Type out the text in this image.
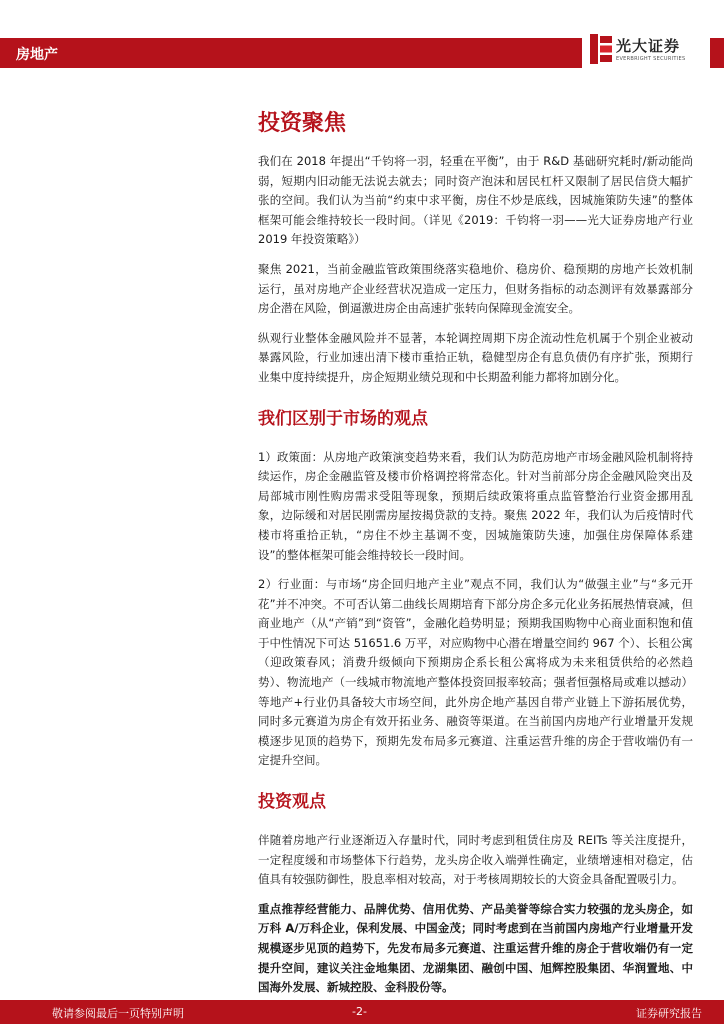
房地产	光大证券
EVERBRIGHT SECURITIES
投资聚焦

我们在 2018 年提出“千钧将一羽，轻重在平衡”，由于 R&D 基础研究耗时/新动能尚弱，短期内旧动能无法说去就去；同时资产泡沫和居民杠杆又限制了居民信贷大幅扩张的空间。我们认为当前“约束中求平衡，房住不炒是底线，因城施策防失速”的整体框架可能会维持较长一段时间。（详见《2019：千钧将一羽——光大证券房地产行业 2019 年投资策略》）

聚焦 2021，当前金融监管政策围绕落实稳地价、稳房价、稳预期的房地产长效机制运行，虽对房地产企业经营状况造成一定压力，但财务指标的动态测评有效暴露部分房企潜在风险，倒逼激进房企由高速扩张转向保障现金流安全。

纵观行业整体金融风险并不显著，本轮调控周期下房企流动性危机属于个别企业被动暴露风险，行业加速出清下楼市重拾正轨，稳健型房企有息负债仍有序扩张，预期行业集中度持续提升，房企短期业绩兑现和中长期盈利能力都将加剧分化。

我们区别于市场的观点

1）政策面：从房地产政策演变趋势来看，我们认为防范房地产市场金融风险机制将持续运作，房企金融监管及楼市价格调控将常态化。针对当前部分房企金融风险突出及局部城市刚性购房需求受阻等现象，预期后续政策将重点监管整治行业资金挪用乱象，边际缓和对居民刚需房屋按揭贷款的支持。聚焦 2022 年，我们认为后疫情时代楼市将重拾正轨，“房住不炒主基调不变，因城施策防失速，加强住房保障体系建设”的整体框架可能会维持较长一段时间。

2）行业面：与市场“房企回归地产主业”观点不同，我们认为“做强主业”与“多元开花”并不冲突。不可否认第二曲线长周期培育下部分房企多元化业务拓展热情衰减，但商业地产（从“产销”到“资管”，金融化趋势明显；预期我国购物中心商业面积饱和值于中性情况下可达 51651.6 万平，对应购物中心潜在增量空间约 967 个）、长租公寓（迎政策春风；消费升级倾向下预期房企系长租公寓将成为未来租赁供给的必然趋势）、物流地产（一线城市物流地产整体投资回报率较高；强者恒强格局或难以撼动）等地产+行业仍具备较大市场空间，此外房企地产基因自带产业链上下游拓展优势，同时多元赛道为房企有效开拓业务、融资等渠道。在当前国内房地产行业增量开发规模逐步见顶的趋势下，预期先发布局多元赛道、注重运营升维的房企于营收端仍有一定提升空间。

投资观点

伴随着房地产行业逐渐迈入存量时代，同时考虑到租赁住房及 REITs 等关注度提升，一定程度缓和市场整体下行趋势，龙头房企收入端弹性确定，业绩增速相对稳定，估值具有较强防御性，股息率相对较高，对于考核周期较长的大资金具备配置吸引力。

重点推荐经营能力、品牌优势、信用优势、产品美誉等综合实力较强的龙头房企，如万科 A/万科企业，保利发展、中国金茂；同时考虑到在当前国内房地产行业增量开发规模逐步见顶的趋势下，先发布局多元赛道、注重运营升维的房企于营收端仍有一定提升空间，建议关注金地集团、龙湖集团、融创中国、旭辉控股集团、华润置地、中国海外发展、新城控股、金科股份等。

敬请参阅最后一页特别声明	-2-	证券研究报告
